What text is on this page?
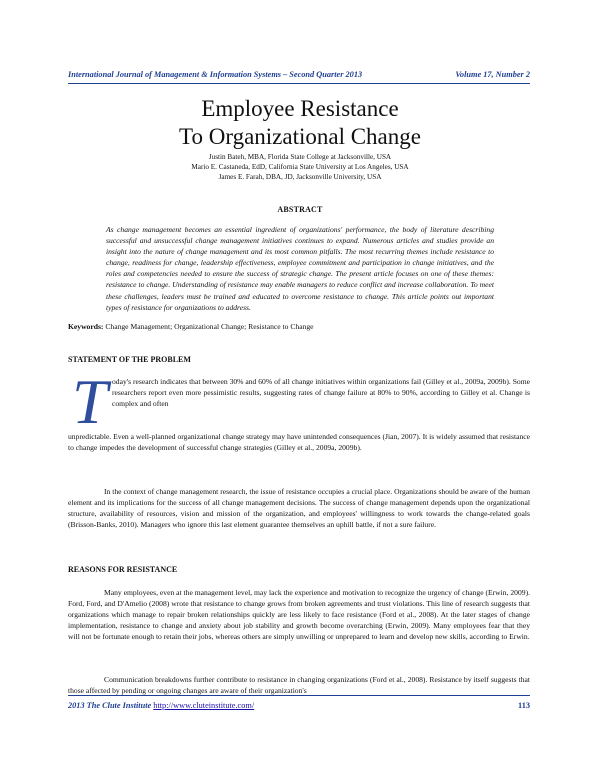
International Journal of Management & Information Systems – Second Quarter 2013	Volume 17, Number 2
Employee Resistance
To Organizational Change
Justin Bateh, MBA, Florida State College at Jacksonville, USA
Mario E. Castaneda, EdD, California State University at Los Angeles, USA
James E. Farah, DBA, JD, Jacksonville University, USA
ABSTRACT
As change management becomes an essential ingredient of organizations' performance, the body of literature describing successful and unsuccessful change management initiatives continues to expand. Numerous articles and studies provide an insight into the nature of change management and its most common pitfalls. The most recurring themes include resistance to change, readiness for change, leadership effectiveness, employee commitment and participation in change initiatives, and the roles and competencies needed to ensure the success of strategic change. The present article focuses on one of these themes: resistance to change. Understanding of resistance may enable managers to reduce conflict and increase collaboration. To meet these challenges, leaders must be trained and educated to overcome resistance to change. This article points out important types of resistance for organizations to address.
Keywords: Change Management; Organizational Change; Resistance to Change
STATEMENT OF THE PROBLEM
T oday's research indicates that between 30% and 60% of all change initiatives within organizations fail (Gilley et al., 2009a, 2009b). Some researchers report even more pessimistic results, suggesting rates of change failure at 80% to 90%, according to Gilley et al. Change is complex and often
unpredictable. Even a well-planned organizational change strategy may have unintended consequences (Jian, 2007). It is widely assumed that resistance to change impedes the development of successful change strategies (Gilley et al., 2009a, 2009b).
In the context of change management research, the issue of resistance occupies a crucial place. Organizations should be aware of the human element and its implications for the success of all change management decisions. The success of change management depends upon the organizational structure, availability of resources, vision and mission of the organization, and employees' willingness to work towards the change-related goals (Brisson-Banks, 2010). Managers who ignore this last element guarantee themselves an uphill battle, if not a sure failure.
REASONS FOR RESISTANCE
Many employees, even at the management level, may lack the experience and motivation to recognize the urgency of change (Erwin, 2009). Ford, Ford, and D'Amelio (2008) wrote that resistance to change grows from broken agreements and trust violations. This line of research suggests that organizations which manage to repair broken relationships quickly are less likely to face resistance (Ford et al., 2008). At the later stages of change implementation, resistance to change and anxiety about job stability and growth become overarching (Erwin, 2009). Many employees fear that they will not be fortunate enough to retain their jobs, whereas others are simply unwilling or unprepared to learn and develop new skills, according to Erwin.
Communication breakdowns further contribute to resistance in changing organizations (Ford et al., 2008). Resistance by itself suggests that those affected by pending or ongoing changes are aware of their organization's
2013 The Clute Institute http://www.cluteinstitute.com/	113
